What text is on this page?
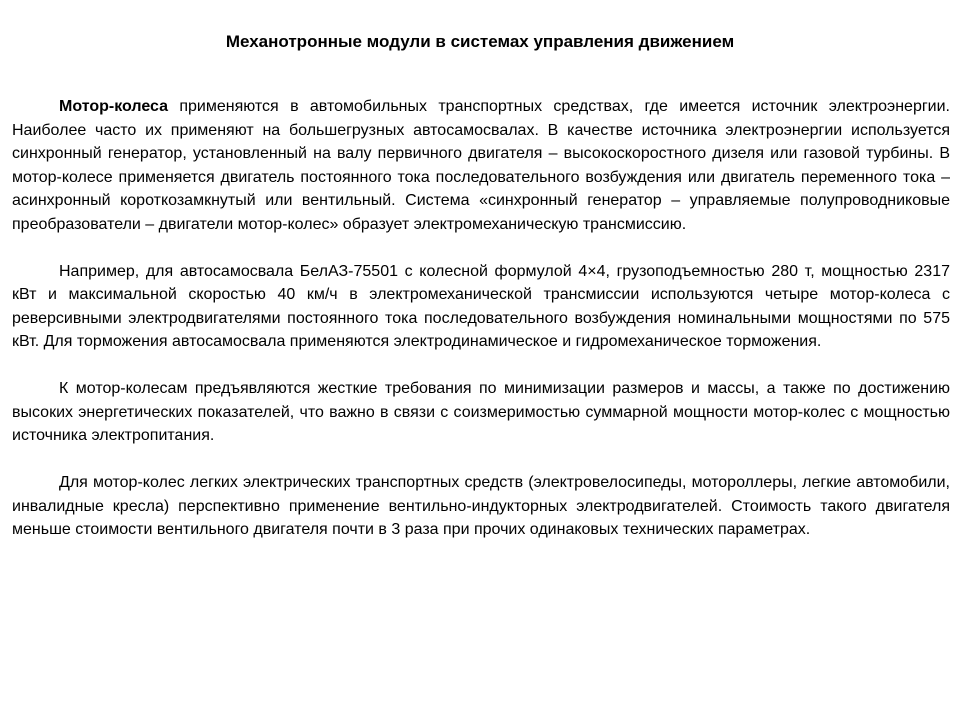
Механотронные модули в системах управления движением

Мотор-колеса применяются в автомобильных транспортных средствах, где имеется источник электроэнергии. Наиболее часто их применяют на большегрузных автосамосвалах. В качестве источника электроэнергии используется синхронный генератор, установленный на валу первичного двигателя – высокоскоростного дизеля или газовой турбины. В мотор-колесе применяется двигатель постоянного тока последовательного возбуждения или двигатель переменного тока – асинхронный короткозамкнутый или вентильный. Система «синхронный генератор – управляемые полупроводниковые преобразователи – двигатели мотор-колес» образует электромеханическую трансмиссию.

Например, для автосамосвала БелАЗ-75501 с колесной формулой 4×4, грузоподъемностью 280 т, мощностью 2317 кВт и максимальной скоростью 40 км/ч в электромеханической трансмиссии используются четыре мотор-колеса с реверсивными электродвигателями постоянного тока последовательного возбуждения номинальными мощностями по 575 кВт. Для торможения автосамосвала применяются электродинамическое и гидромеханическое торможения.

К мотор-колесам предъявляются жесткие требования по минимизации размеров и массы, а также по достижению высоких энергетических показателей, что важно в связи с соизмеримостью суммарной мощности мотор-колес с мощностью источника электропитания.

Для мотор-колес легких электрических транспортных средств (электровелосипеды, мотороллеры, легкие автомобили, инвалидные кресла) перспективно применение вентильно-индукторных электродвигателей. Стоимость такого двигателя меньше стоимости вентильного двигателя почти в 3 раза при прочих одинаковых технических параметрах.
